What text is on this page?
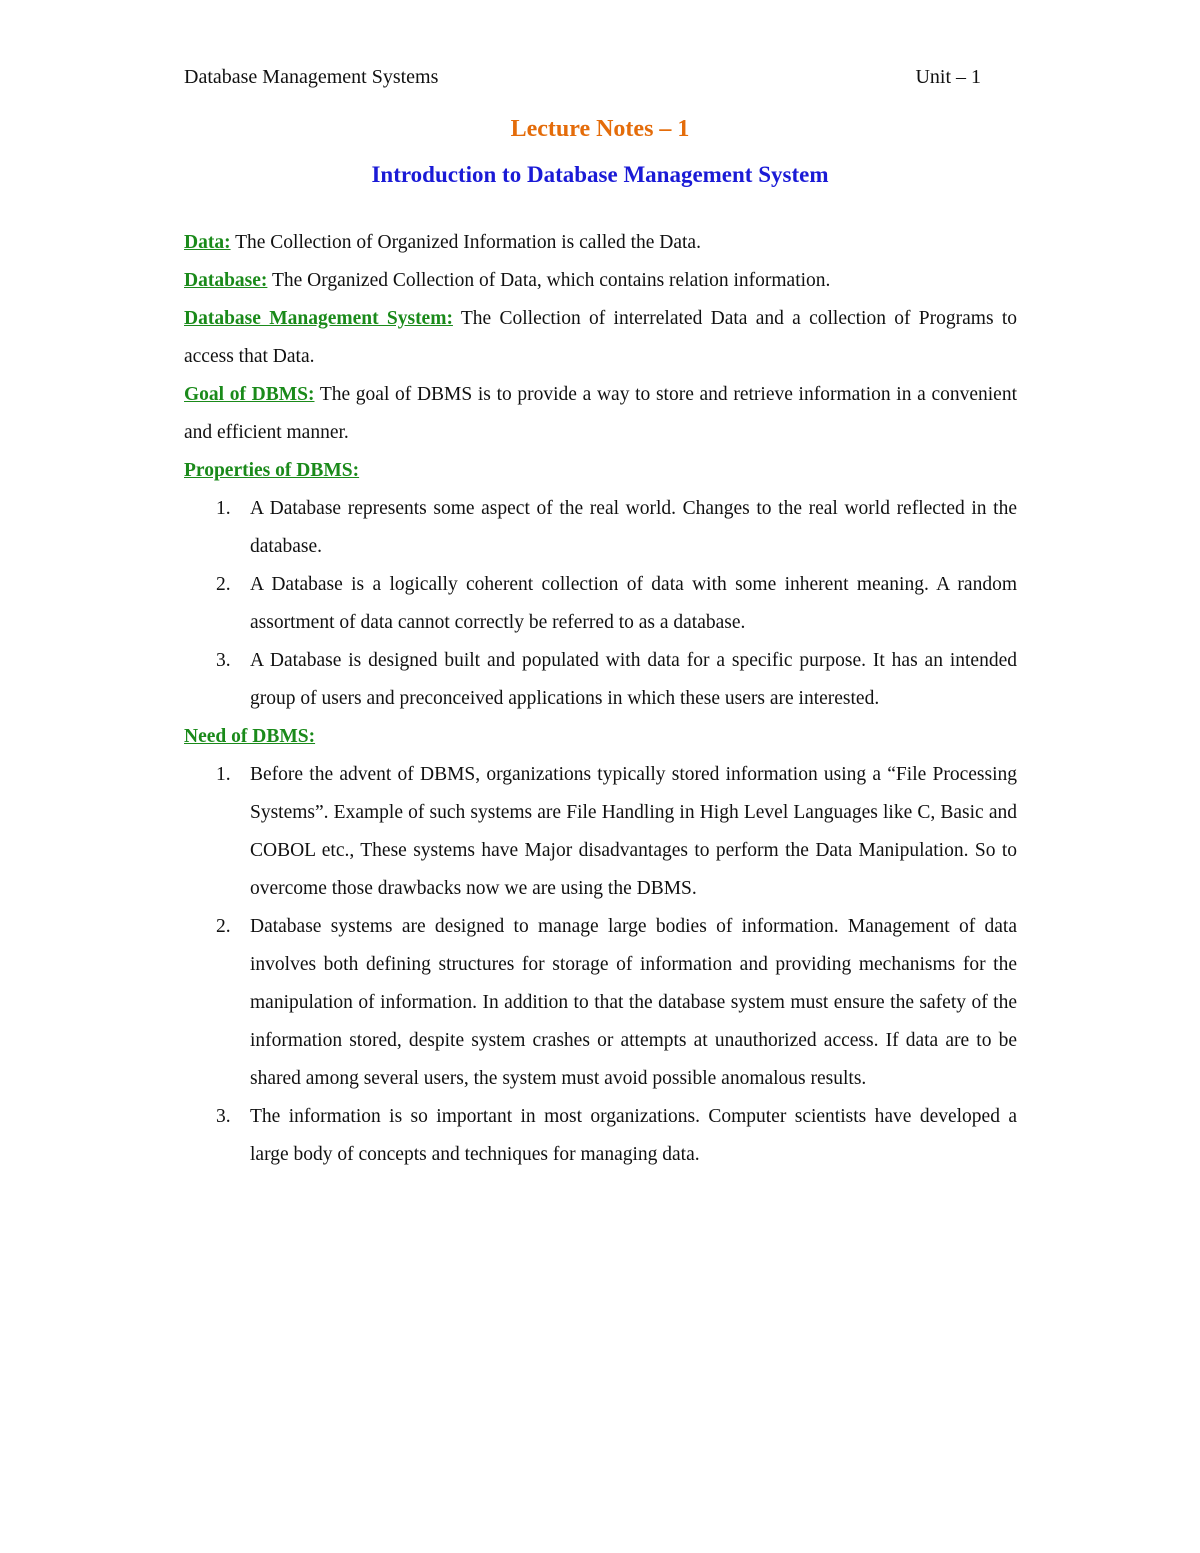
Database Management Systems	Unit – 1
Lecture Notes – 1
Introduction to Database Management System

Data: The Collection of Organized Information is called the Data.

Database: The Organized Collection of Data, which contains relation information.

Database Management System: The Collection of interrelated Data and a collection of Programs to access that Data.

Goal of DBMS: The goal of DBMS is to provide a way to store and retrieve information in a convenient and efficient manner.

Properties of DBMS:

1. A Database represents some aspect of the real world. Changes to the real world reflected in the database.
2. A Database is a logically coherent collection of data with some inherent meaning. A random assortment of data cannot correctly be referred to as a database.
3. A Database is designed built and populated with data for a specific purpose. It has an intended group of users and preconceived applications in which these users are interested.

Need of DBMS:

1. Before the advent of DBMS, organizations typically stored information using a “File Processing Systems”. Example of such systems are File Handling in High Level Languages like C, Basic and COBOL etc., These systems have Major disadvantages to perform the Data Manipulation. So to overcome those drawbacks now we are using the DBMS.
2. Database systems are designed to manage large bodies of information. Management of data involves both defining structures for storage of information and providing mechanisms for the manipulation of information. In addition to that the database system must ensure the safety of the information stored, despite system crashes or attempts at unauthorized access. If data are to be shared among several users, the system must avoid possible anomalous results.
3. The information is so important in most organizations. Computer scientists have developed a large body of concepts and techniques for managing data.
